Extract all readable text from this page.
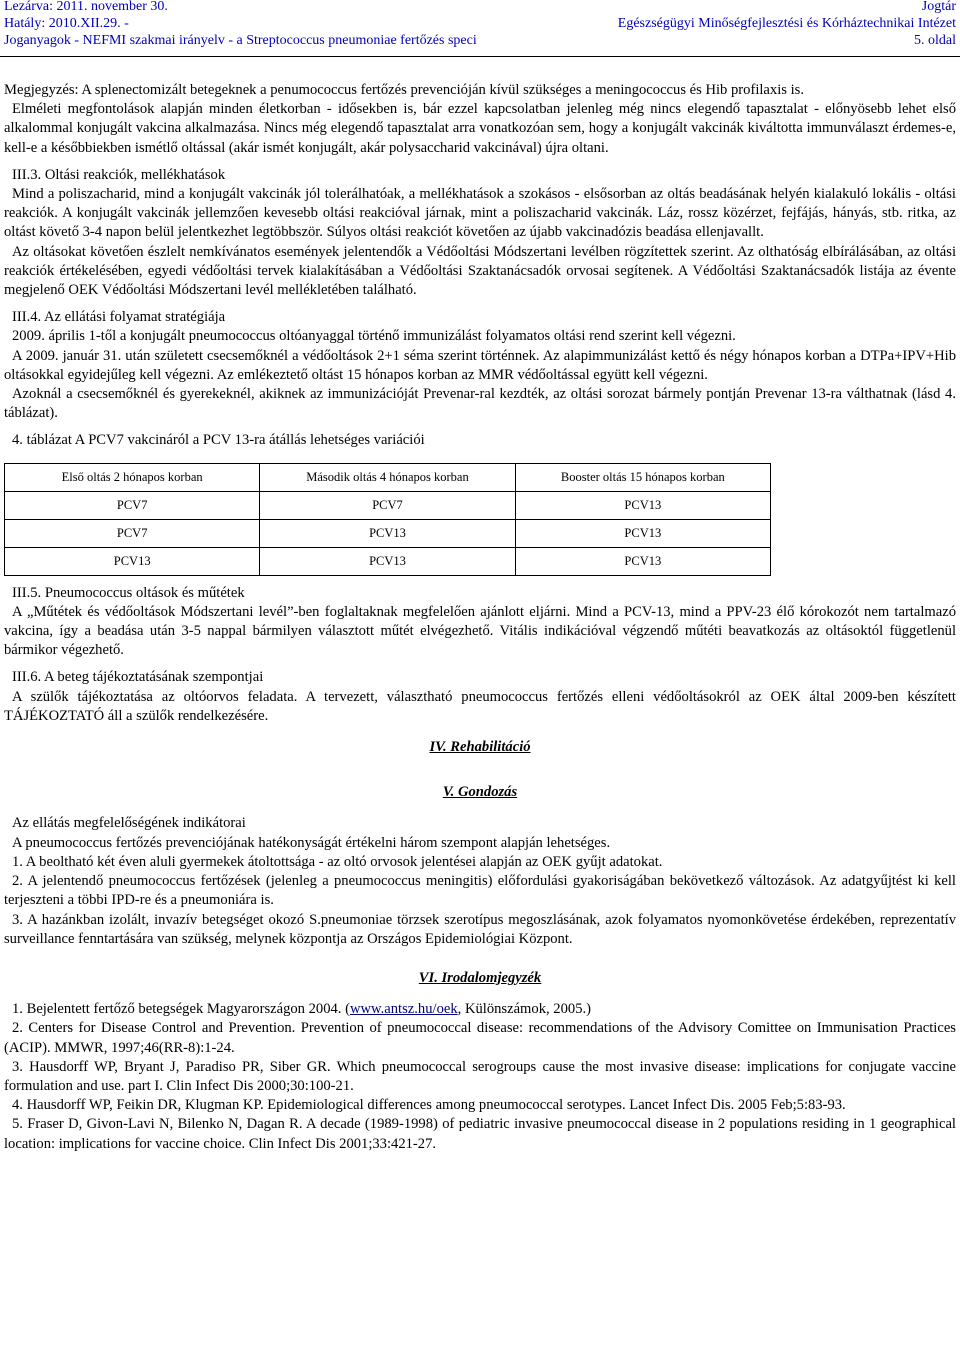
Lezárva: 2011. november 30.
Hatály: 2010.XII.29. -
Joganyagok - NEFMI szakmai irányelv - a Streptococcus pneumoniae fertőzés speci
Jogtár
Egészségügyi Minőségfejlesztési és Kórháztechnikai Intézet
5. oldal

Megjegyzés: A splenectomizált betegeknek a penumococcus fertőzés prevencióján kívül szükséges a meningococcus és Hib profilaxis is.

Elméleti megfontolások alapján minden életkorban - idősekben is, bár ezzel kapcsolatban jelenleg még nincs elegendő tapasztalat - előnyösebb lehet első alkalommal konjugált vakcina alkalmazása. Nincs még elegendő tapasztalat arra vonatkozóan sem, hogy a konjugált vakcinák kiváltotta immunválaszt érdemes-e, kell-e a későbbiekben ismétlő oltással (akár ismét konjugált, akár polysaccharid vakcinával) újra oltani.

III.3. Oltási reakciók, mellékhatások

Mind a poliszacharid, mind a konjugált vakcinák jól tolerálhatóak, a mellékhatások a szokásos - elsősorban az oltás beadásának helyén kialakuló lokális - oltási reakciók. A konjugált vakcinák jellemzően kevesebb oltási reakcióval járnak, mint a poliszacharid vakcinák. Láz, rossz közérzet, fejfájás, hányás, stb. ritka, az oltást követő 3-4 napon belül jelentkezhet legtöbbször. Súlyos oltási reakciót követően az újabb vakcinadózis beadása ellenjavallt.

Az oltásokat követően észlelt nemkívánatos események jelentendők a Védőoltási Módszertani levélben rögzítettek szerint. Az olthatóság elbírálásában, az oltási reakciók értékelésében, egyedi védőoltási tervek kialakításában a Védőoltási Szaktanácsadók orvosai segítenek. A Védőoltási Szaktanácsadók listája az évente megjelenő OEK Védőoltási Módszertani levél mellékletében található.

III.4. Az ellátási folyamat stratégiája

2009. április 1-től a konjugált pneumococcus oltóanyaggal történő immunizálást folyamatos oltási rend szerint kell végezni.

A 2009. január 31. után született csecsemőknél a védőoltások 2+1 séma szerint történnek. Az alapimmunizálást kettő és négy hónapos korban a DTPa+IPV+Hib oltásokkal egyidejűleg kell végezni. Az emlékeztető oltást 15 hónapos korban az MMR védőoltással együtt kell végezni.

Azoknál a csecsemőknél és gyerekeknél, akiknek az immunizációját Prevenar-ral kezdték, az oltási sorozat bármely pontján Prevenar 13-ra válthatnak (lásd 4. táblázat).

4. táblázat A PCV7 vakcináról a PCV 13-ra átállás lehetséges variációi

Első oltás 2 hónapos korban	Második oltás 4 hónapos korban	Booster oltás 15 hónapos korban
PCV7	PCV7	PCV13
PCV7	PCV13	PCV13
PCV13	PCV13	PCV13

III.5. Pneumococcus oltások és műtétek

A „Műtétek és védőoltások Módszertani levél”-ben foglaltaknak megfelelően ajánlott eljárni. Mind a PCV-13, mind a PPV-23 élő kórokozót nem tartalmazó vakcina, így a beadása után 3-5 nappal bármilyen választott műtét elvégezhető. Vitális indikációval végzendő műtéti beavatkozás az oltásoktól függetlenül bármikor végezhető.

III.6. A beteg tájékoztatásának szempontjai

A szülők tájékoztatása az oltóorvos feladata. A tervezett, választható pneumococcus fertőzés elleni védőoltásokról az OEK által 2009-ben készített TÁJÉKOZTATÓ áll a szülők rendelkezésére.

IV. Rehabilitáció

V. Gondozás

Az ellátás megfelelőségének indikátorai

A pneumococcus fertőzés prevenciójának hatékonyságát értékelni három szempont alapján lehetséges.

1. A beoltható két éven aluli gyermekek átoltottsága - az oltó orvosok jelentései alapján az OEK gyűjt adatokat.

2. A jelentendő pneumococcus fertőzések (jelenleg a pneumococcus meningitis) előfordulási gyakoriságában bekövetkező változások. Az adatgyűjtést ki kell terjeszteni a többi IPD-re és a pneumoniára is.

3. A hazánkban izolált, invazív betegséget okozó S.pneumoniae törzsek szerotípus megoszlásának, azok folyamatos nyomonkövetése érdekében, reprezentatív surveillance fenntartására van szükség, melynek központja az Országos Epidemiológiai Központ.

VI. Irodalomjegyzék

1. Bejelentett fertőző betegségek Magyarországon 2004. (www.antsz.hu/oek, Különszámok, 2005.)

2. Centers for Disease Control and Prevention. Prevention of pneumococcal disease: recommendations of the Advisory Comittee on Immunisation Practices (ACIP). MMWR, 1997;46(RR-8):1-24.

3. Hausdorff WP, Bryant J, Paradiso PR, Siber GR. Which pneumococcal serogroups cause the most invasive disease: implications for conjugate vaccine formulation and use. part I. Clin Infect Dis 2000;30:100-21.

4. Hausdorff WP, Feikin DR, Klugman KP. Epidemiological differences among pneumococcal serotypes. Lancet Infect Dis. 2005 Feb;5:83-93.

5. Fraser D, Givon-Lavi N, Bilenko N, Dagan R. A decade (1989-1998) of pediatric invasive pneumococcal disease in 2 populations residing in 1 geographical location: implications for vaccine choice. Clin Infect Dis 2001;33:421-27.
